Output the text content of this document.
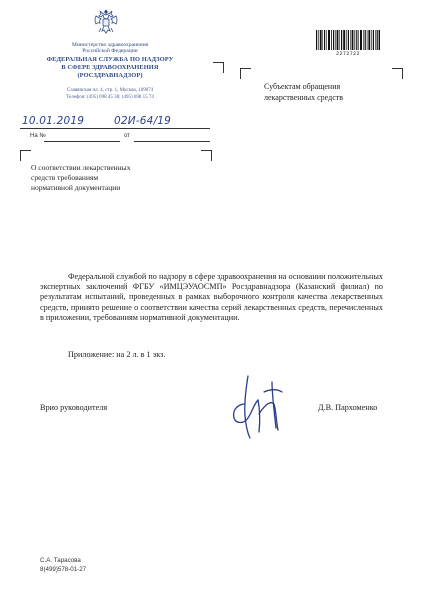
Министерство здравоохранения
Российской Федерации
ФЕДЕРАЛЬНАЯ СЛУЖБА ПО НАДЗОРУ
В СФЕРЕ ЗДРАВООХРАНЕНИЯ
(РОСЗДРАВНАДЗОР)
Славянская пл. 4, стр. 1, Москва, 109074
Телефон: (495) 698 45 38; (495) 698 15 74
10.01.2019	02И-64/19
На №	от
2272722
Субъектам обращения
лекарственных средств
О соответствии лекарственных
средств требованиям
нормативной документации
Федеральной службой по надзору в сфере здравоохранения на основании положительных экспертных заключений ФГБУ «ИМЦЭУАОСМП» Росздравнадзора (Казанский филиал) по результатам испытаний, проведенных в рамках выборочного контроля качества лекарственных средств, принято решение о соответствии качества серий лекарственных средств, перечисленных в приложении, требованиям нормативной документации.
Приложение: на 2 л. в 1 экз.
Врио руководителя	Д.В. Пархоменко
С.А. Тарасова
8(499)578-01-27
